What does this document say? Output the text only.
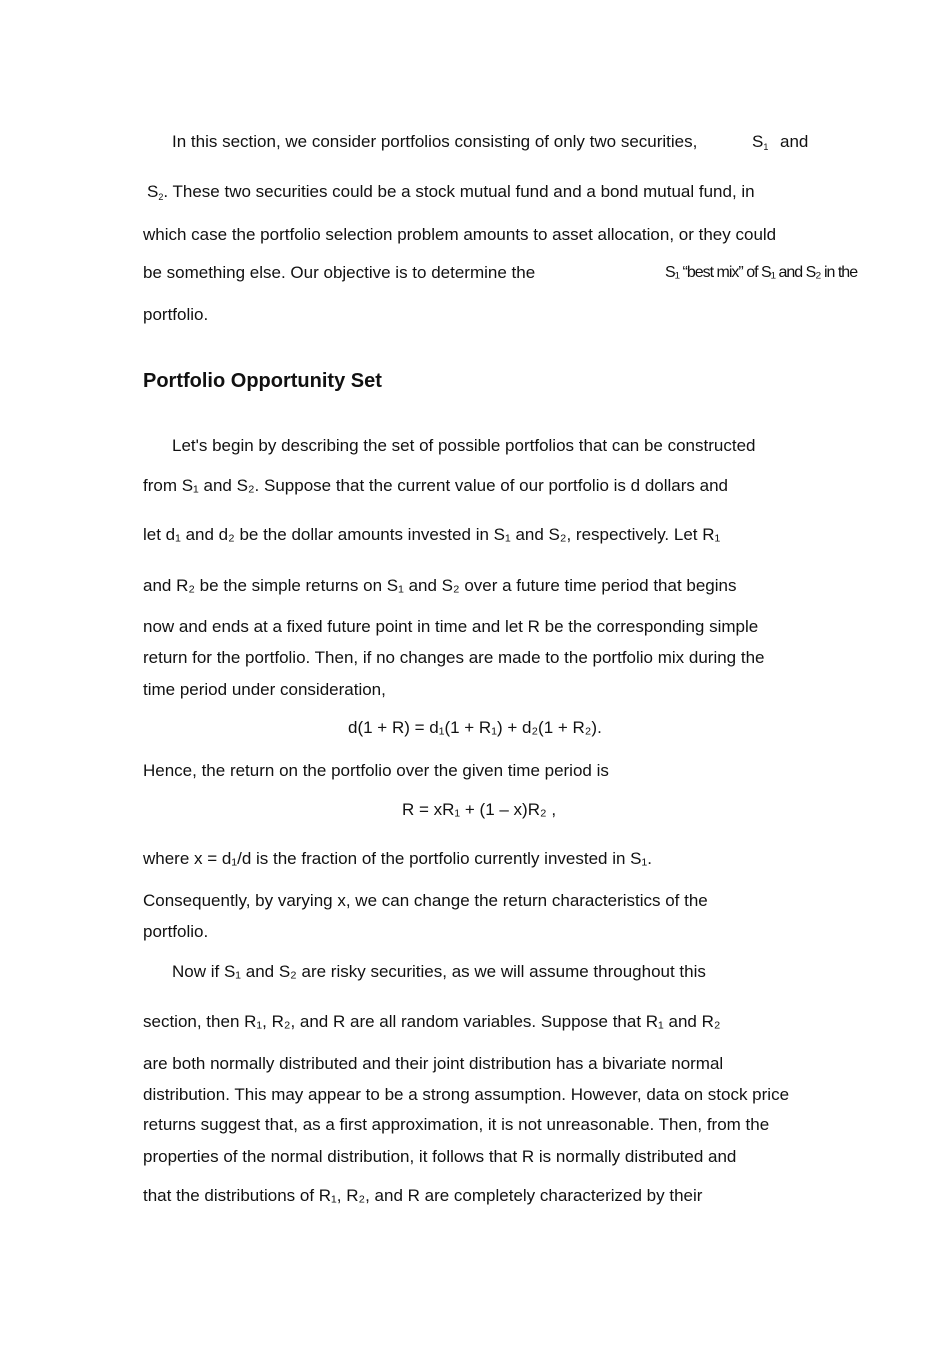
In this section, we consider portfolios consisting of only two securities,	$S_1$ and
$S_2$. These two securities could be a stock mutual fund and a bond mutual fund, in
which case the portfolio selection problem amounts to asset allocation, or they could
be something else. Our objective is to determine the	S₁ “best mix” of S₁ and S₂ in the
portfolio.
Portfolio Opportunity Set
Let's begin by describing the set of possible portfolios that can be constructed
from S₁ and S₂. Suppose that the current value of our portfolio is d dollars and
let d₁ and d₂ be the dollar amounts invested in S₁ and S₂, respectively. Let R₁
and R₂ be the simple returns on S₁ and S₂ over a future time period that begins
now and ends at a fixed future point in time and let R be the corresponding simple
return for the portfolio. Then, if no changes are made to the portfolio mix during the
time period under consideration,
d(1 + R) = d₁(1 + R₁) + d₂(1 + R₂).
Hence, the return on the portfolio over the given time period is
R = xR₁ + (1 – x)R₂ ,
where x = d₁/d is the fraction of the portfolio currently invested in S₁.
Consequently, by varying x, we can change the return characteristics of the
portfolio.
Now if S₁ and S₂ are risky securities, as we will assume throughout this
section, then R₁, R₂, and R are all random variables. Suppose that R₁ and R₂
are both normally distributed and their joint distribution has a bivariate normal
distribution. This may appear to be a strong assumption. However, data on stock price
returns suggest that, as a first approximation, it is not unreasonable. Then, from the
properties of the normal distribution, it follows that R is normally distributed and
that the distributions of R₁, R₂, and R are completely characterized by their
